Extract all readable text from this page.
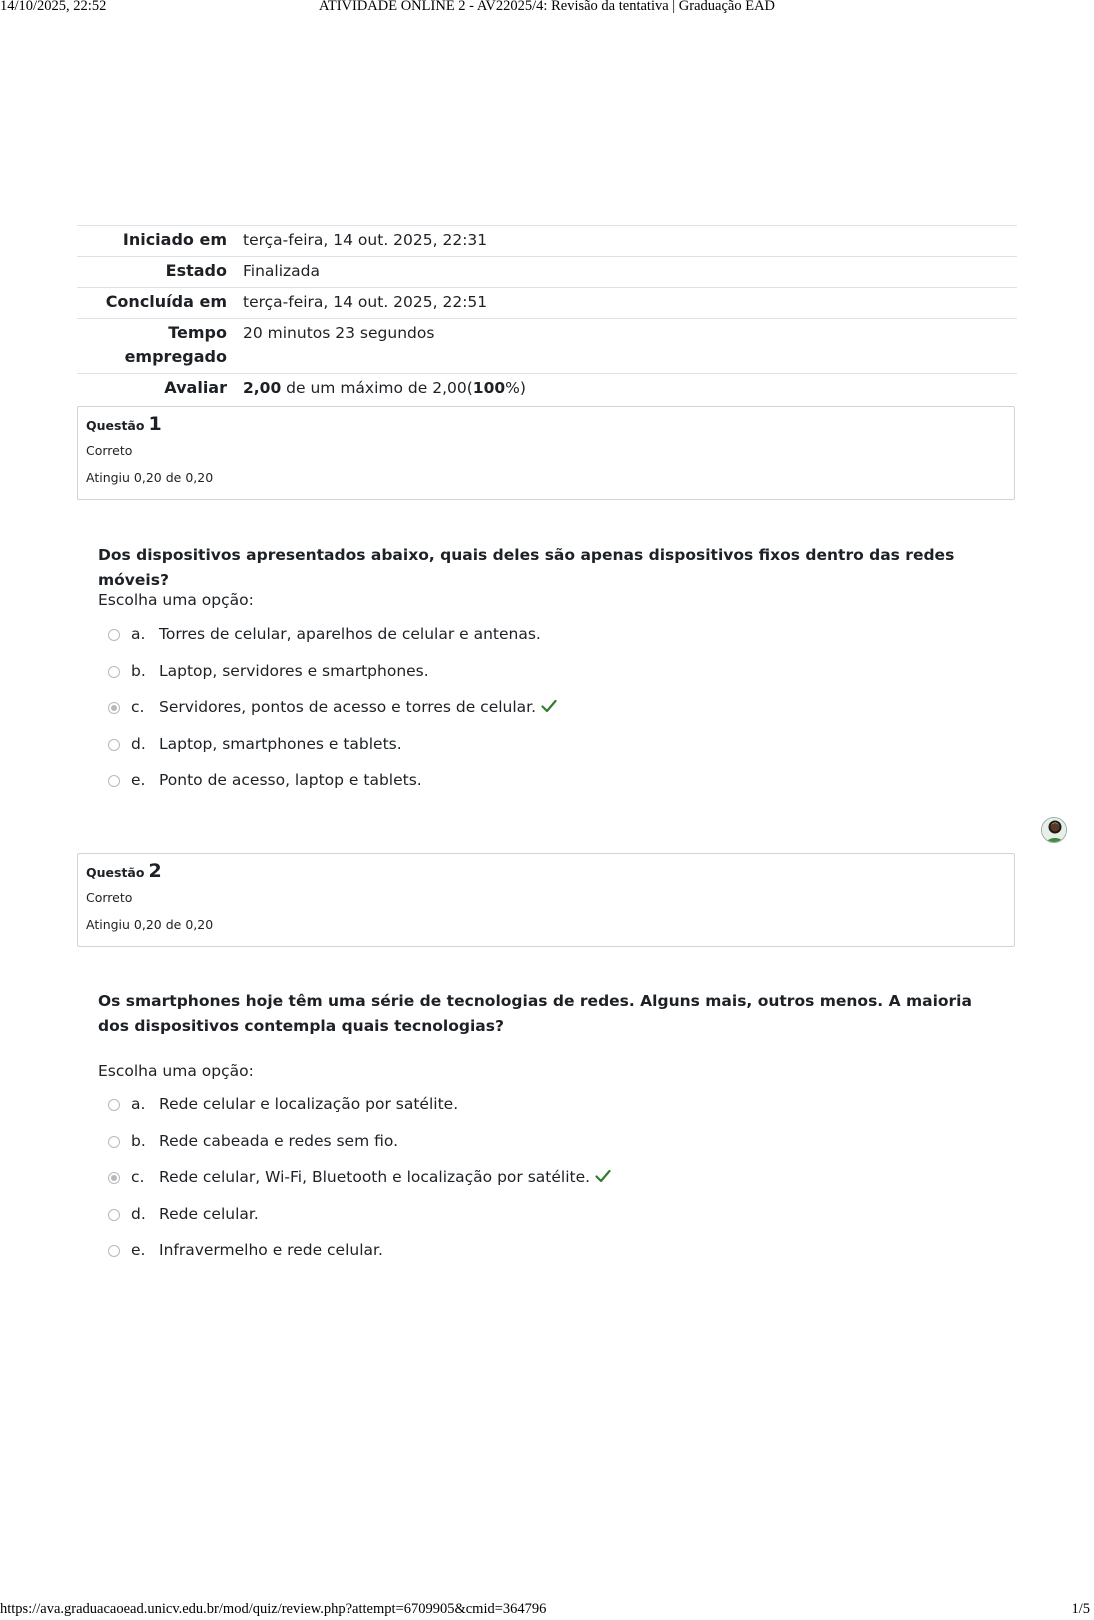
14/10/2025, 22:52	ATIVIDADE ONLINE 2 - AV22025/4: Revisão da tentativa | Graduação EAD
Iniciado em	terça-feira, 14 out. 2025, 22:31
Estado	Finalizada
Concluída em	terça-feira, 14 out. 2025, 22:51
Tempo
empregado	20 minutos 23 segundos
Avaliar	2,00 de um máximo de 2,00(100%)
Questão 1
Correto
Atingiu 0,20 de 0,20
Dos dispositivos apresentados abaixo, quais deles são apenas dispositivos fixos dentro das redes móveis?
Escolha uma opção:
a. Torres de celular, aparelhos de celular e antenas.
b. Laptop, servidores e smartphones.
c. Servidores, pontos de acesso e torres de celular.
d. Laptop, smartphones e tablets.
e. Ponto de acesso, laptop e tablets.
Questão 2
Correto
Atingiu 0,20 de 0,20
Os smartphones hoje têm uma série de tecnologias de redes. Alguns mais, outros menos. A maioria dos dispositivos contempla quais tecnologias?
Escolha uma opção:
a. Rede celular e localização por satélite.
b. Rede cabeada e redes sem fio.
c. Rede celular, Wi-Fi, Bluetooth e localização por satélite.
d. Rede celular.
e. Infravermelho e rede celular.
https://ava.graduacaoead.unicv.edu.br/mod/quiz/review.php?attempt=6709905&cmid=364796	1/5
